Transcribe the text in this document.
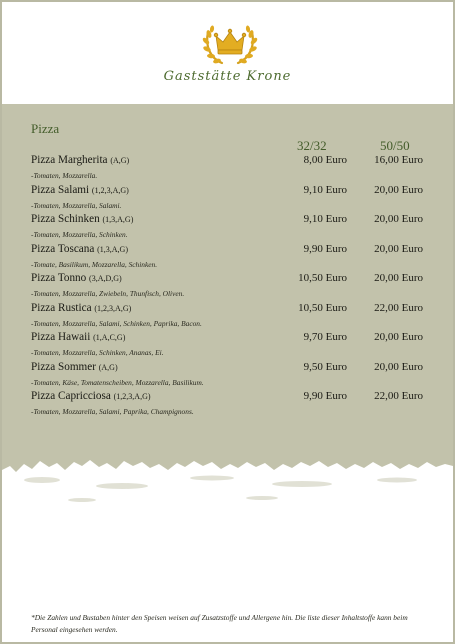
Gaststätte Krone
Pizza
32/32	50/50
Pizza Margherita (A,G)	8,00 Euro 16,00 Euro
-Tomaten, Mozzarella.
Pizza Salami (1,2,3,A,G)	9,10 Euro 20,00 Euro
-Tomaten, Mozzarella, Salami.
Pizza Schinken (1,3,A,G)	9,10 Euro 20,00 Euro
-Tomaten, Mozzarella, Schinken.
Pizza Toscana (1,3,A,G)	9,90 Euro 20,00 Euro
-Tomate, Basilikum, Mozzarella, Schinken.
Pizza Tonno (3,A,D,G)	10,50 Euro 20,00 Euro
-Tomaten, Mozzarella, Zwiebeln, Thunfisch, Oliven.
Pizza Rustica (1,2,3,A,G)	10,50 Euro 22,00 Euro
-Tomaten, Mozzarella, Salami, Schinken, Paprika, Bacon.
Pizza Hawaii (1,A,C,G)	9,70 Euro 20,00 Euro
-Tomaten, Mozzarella, Schinken, Ananas, Ei.
Pizza Sommer (A,G)	9,50 Euro 20,00 Euro
-Tomaten, Käse, Tomatenscheiben, Mozzarella, Basilikum.
Pizza Capricciosa (1,2,3,A,G)	9,90 Euro 22,00 Euro
-Tomaten, Mozzarella, Salami, Paprika, Champignons.
*Die Zahlen und Bustaben hinter den Speisen weisen auf Zusatzstoffe und Allergene hin. Die liste dieser Inhaltstoffe kann beim Personal eingesehen werden.
